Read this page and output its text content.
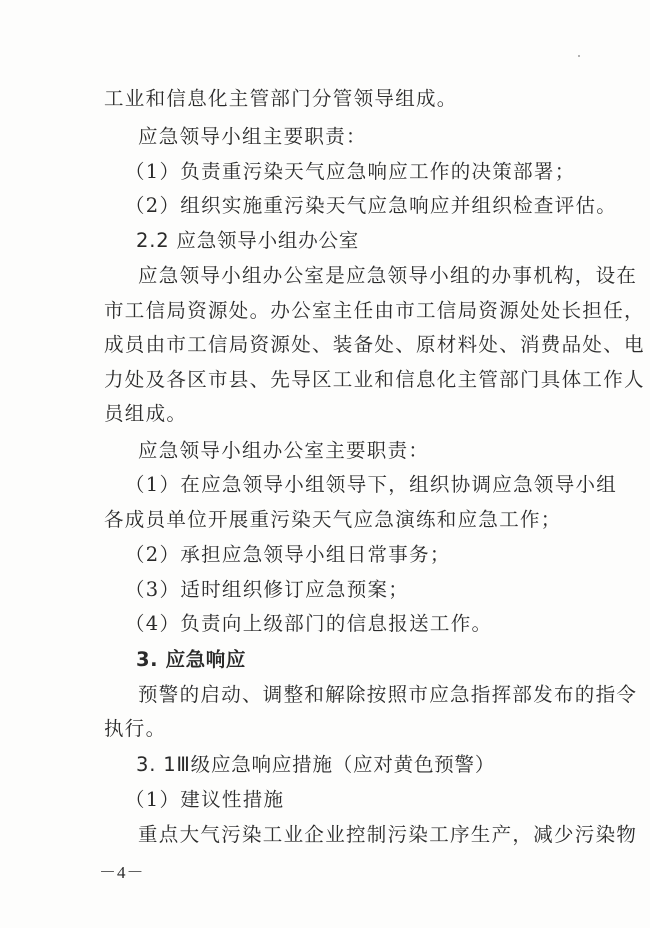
工业和信息化主管部门分管领导组成。
应急领导小组主要职责：
（1）负责重污染天气应急响应工作的决策部署；
（2）组织实施重污染天气应急响应并组织检查评估。
2.2 应急领导小组办公室
应急领导小组办公室是应急领导小组的办事机构，设在
市工信局资源处。办公室主任由市工信局资源处处长担任，
成员由市工信局资源处、装备处、原材料处、消费品处、电
力处及各区市县、先导区工业和信息化主管部门具体工作人
员组成。
应急领导小组办公室主要职责：
（1）在应急领导小组领导下，组织协调应急领导小组
各成员单位开展重污染天气应急演练和应急工作；
（2）承担应急领导小组日常事务；
（3）适时组织修订应急预案；
（4）负责向上级部门的信息报送工作。
3. 应急响应
预警的启动、调整和解除按照市应急指挥部发布的指令
执行。
3. 1Ⅲ级应急响应措施（应对黄色预警）
（1）建议性措施
重点大气污染工业企业控制污染工序生产，减少污染物
－4－
